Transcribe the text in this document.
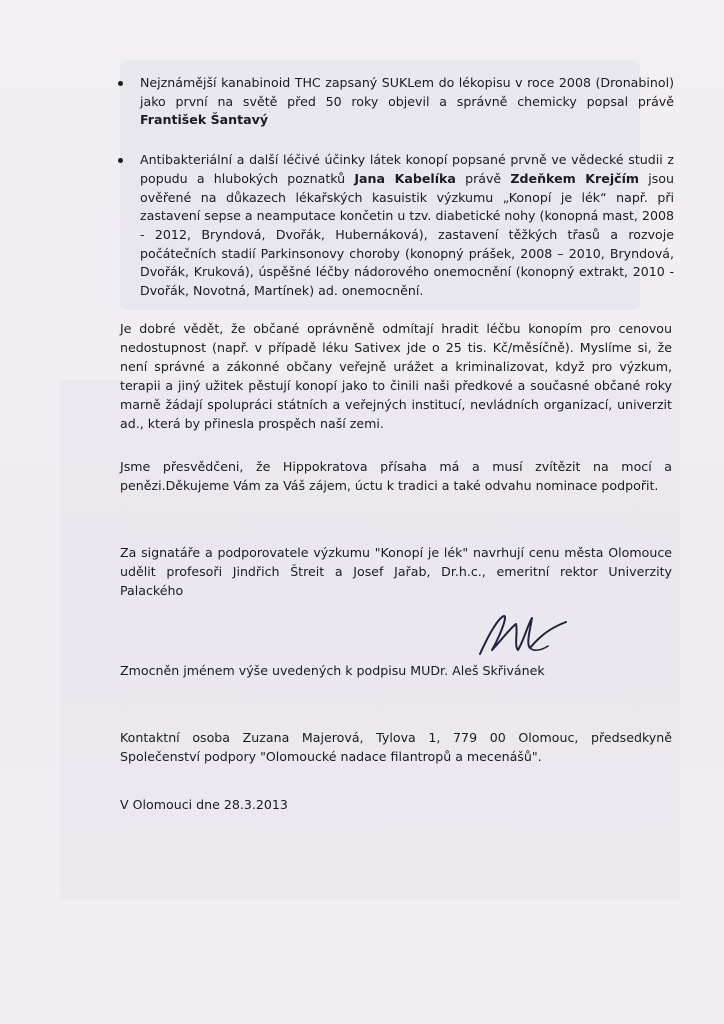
Nejznámější kanabinoid THC zapsaný SUKLem do lékopisu v roce 2008 (Dronabinol) jako první na světě před 50 roky objevil a správně chemicky popsal právě František Šantavý
Antibakteriální a další léčivé účinky látek konopí popsané prvně ve vědecké studii z popudu a hlubokých poznatků Jana Kabelíka právě Zdeňkem Krejčím jsou ověřené na důkazech lékařských kasuistik výzkumu „Konopí je lék“ např. při zastavení sepse a neamputace končetin u tzv. diabetické nohy (konopná mast, 2008 - 2012, Bryndová, Dvořák, Hubernáková), zastavení těžkých třasů a rozvoje počátečních stadií Parkinsonovy choroby (konopný prášek, 2008 – 2010, Bryndová, Dvořák, Kruková), úspěšné léčby nádorového onemocnění (konopný extrakt, 2010 - Dvořák, Novotná, Martínek) ad. onemocnění.

Je dobré vědět, že občané oprávněně odmítají hradit léčbu konopím pro cenovou nedostupnost (např. v případě léku Sativex jde o 25 tis. Kč/měsíčně). Myslíme si, že není správné a zákonné občany veřejně urážet a kriminalizovat, když pro výzkum, terapii a jiný užitek pěstují konopí jako to činili naši předkové a současné občané roky marně žádají spolupráci státních a veřejných institucí, nevládních organizací, univerzit ad., která by přinesla prospěch naší zemi.

Jsme přesvědčeni, že Hippokratova přísaha má a musí zvítězit na mocí a penězi.Děkujeme Vám za Váš zájem, úctu k tradici a také odvahu nominace podpořit.

Za signatáře a podporovatele výzkumu "Konopí je lék" navrhují cenu města Olomouce udělit profesoři Jindřich Štreit a Josef Jařab, Dr.h.c., emeritní rektor Univerzity Palackého

Zmocněn jménem výše uvedených k podpisu MUDr. Aleš Skřivánek

Kontaktní osoba Zuzana Majerová, Tylova 1, 779 00 Olomouc, předsedkyně Společenství podpory "Olomoucké nadace filantropů a mecenášů".

V Olomouci dne 28.3.2013
